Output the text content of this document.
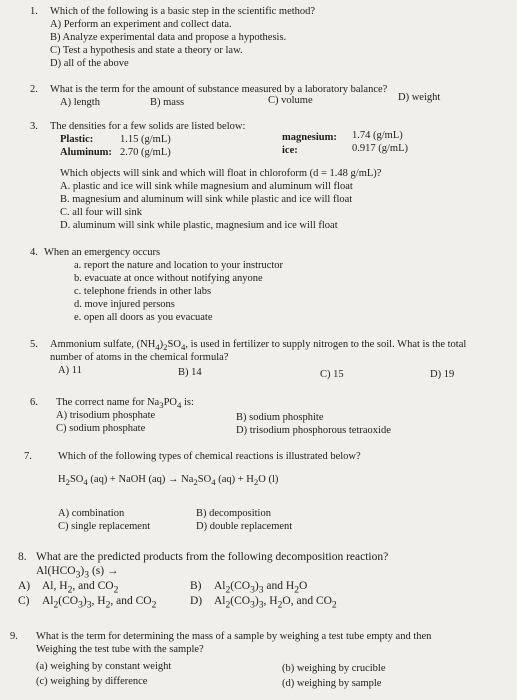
1. Which of the following is a basic step in the scientific method?
A) Perform an experiment and collect data.
B) Analyze experimental data and propose a hypothesis.
C) Test a hypothesis and state a theory or law.
D) all of the above
2. What is the term for the amount of substance measured by a laboratory balance?
A) length	B) mass	C) volume	D) weight
3. The densities for a few solids are listed below:
Plastic:	1.15 (g/mL)
Aluminum: 2.70 (g/mL)
magnesium: 1.74 (g/mL)
ice:	0.917 (g/mL)
Which objects will sink and which will float in chloroform (d = 1.48 g/mL)?
A. plastic and ice will sink while magnesium and aluminum will float
B. magnesium and aluminum will sink while plastic and ice will float
C. all four will sink
D. aluminum will sink while plastic, magnesium and ice will float
4. When an emergency occurs
a. report the nature and location to your instructor
b. evacuate at once without notifying anyone
c. telephone friends in other labs
d. move injured persons
e. open all doors as you evacuate
5. Ammonium sulfate, $(NH_4)_2SO_4$, is used in fertilizer to supply nitrogen to the soil. What is the total
number of atoms in the chemical formula?
A) 11	B) 14	C) 15	D) 19
6. The correct name for $Na_3PO_4$ is:
A) trisodium phosphate	B) sodium phosphite
C) sodium phosphate	D) trisodium phosphorous tetraoxide
7. Which of the following types of chemical reactions is illustrated below?
$H_2SO_4$ (aq) + NaOH $(aq) \to Na_2SO_4$ $(aq) + H_2O$ (l)
A) combination	B) decomposition
C) single replacement	D) double replacement
8. What are the predicted products from the following decomposition reaction?
$Al(HCO_3)_3$ (s) →
A) Al, $H_2$, and $CO_2$	B) $Al_2(CO_3)_3$ and $H_2O$
C) $Al_2(CO_3)_3$, $H_2$, and $CO_2$	D) $Al_2(CO_3)_3$, $H_2O$, and $CO_2$
9. What is the term for determining the mass of a sample by weighing a test tube empty and then
Weighing the test tube with the sample?
(a) weighing by constant weight	(b) weighing by crucible
(c) weighing by difference	(d) weighing by sample
